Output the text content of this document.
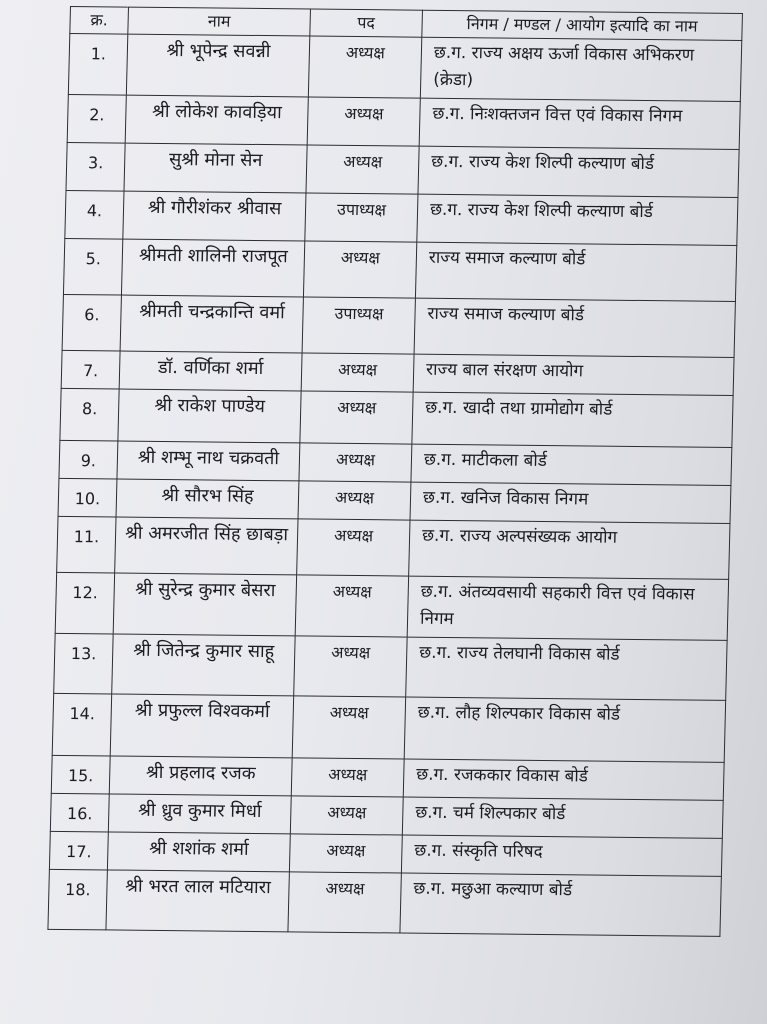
क्र.	नाम	पद	निगम / मण्डल / आयोग इत्यादि का नाम
1.	श्री भूपेन्द्र सवन्नी	अध्यक्ष	छ.ग. राज्य अक्षय ऊर्जा विकास अभिकरण (क्रेडा)
2.	श्री लोकेश कावड़िया	अध्यक्ष	छ.ग. निःशक्तजन वित्त एवं विकास निगम
3.	सुश्री मोना सेन	अध्यक्ष	छ.ग. राज्य केश शिल्पी कल्याण बोर्ड
4.	श्री गौरीशंकर श्रीवास	उपाध्यक्ष	छ.ग. राज्य केश शिल्पी कल्याण बोर्ड
5.	श्रीमती शालिनी राजपूत	अध्यक्ष	राज्य समाज कल्याण बोर्ड
6.	श्रीमती चन्द्रकान्ति वर्मा	उपाध्यक्ष	राज्य समाज कल्याण बोर्ड
7.	डॉ. वर्णिका शर्मा	अध्यक्ष	राज्य बाल संरक्षण आयोग
8.	श्री राकेश पाण्डेय	अध्यक्ष	छ.ग. खादी तथा ग्रामोद्योग बोर्ड
9.	श्री शम्भू नाथ चक्रवती	अध्यक्ष	छ.ग. माटीकला बोर्ड
10.	श्री सौरभ सिंह	अध्यक्ष	छ.ग. खनिज विकास निगम
11.	श्री अमरजीत सिंह छाबड़ा	अध्यक्ष	छ.ग. राज्य अल्पसंख्यक आयोग
12.	श्री सुरेन्द्र कुमार बेसरा	अध्यक्ष	छ.ग. अंतव्यवसायी सहकारी वित्त एवं विकास निगम
13.	श्री जितेन्द्र कुमार साहू	अध्यक्ष	छ.ग. राज्य तेलघानी विकास बोर्ड
14.	श्री प्रफुल्ल विश्वकर्मा	अध्यक्ष	छ.ग. लौह शिल्पकार विकास बोर्ड
15.	श्री प्रहलाद रजक	अध्यक्ष	छ.ग. रजककार विकास बोर्ड
16.	श्री ध्रुव कुमार मिर्धा	अध्यक्ष	छ.ग. चर्म शिल्पकार बोर्ड
17.	श्री शशांक शर्मा	अध्यक्ष	छ.ग. संस्कृति परिषद
18.	श्री भरत लाल मटियारा	अध्यक्ष	छ.ग. मछुआ कल्याण बोर्ड
